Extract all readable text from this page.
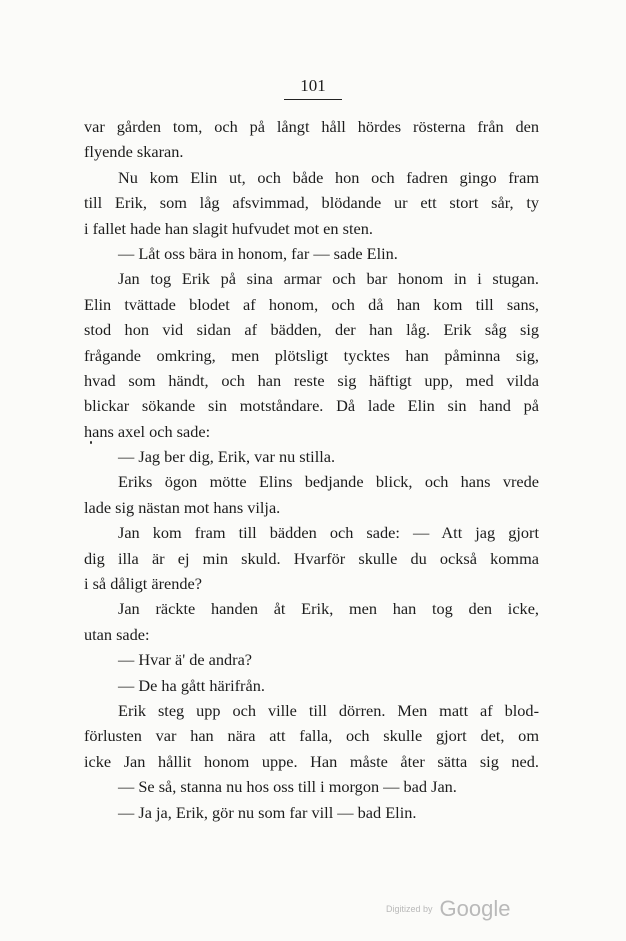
101
var gården tom, och på långt håll hördes rösterna från den
flyende skaran.
Nu kom Elin ut, och både hon och fadren gingo fram
till Erik, som låg afsvimmad, blödande ur ett stort sår, ty
i fallet hade han slagit hufvudet mot en sten.
— Låt oss bära in honom, far — sade Elin.
Jan tog Erik på sina armar och bar honom in i stugan.
Elin tvättade blodet af honom, och då han kom till sans,
stod hon vid sidan af bädden, der han låg. Erik såg sig
frågande omkring, men plötsligt tycktes han påminna sig,
hvad som händt, och han reste sig häftigt upp, med vilda
blickar sökande sin motståndare. Då lade Elin sin hand på
hans axel och sade:
— Jag ber dig, Erik, var nu stilla.
Eriks ögon mötte Elins bedjande blick, och hans vrede
lade sig nästan mot hans vilja.
Jan kom fram till bädden och sade: — Att jag gjort
dig illa är ej min skuld. Hvarför skulle du också komma
i så dåligt ärende?
Jan räckte handen åt Erik, men han tog den icke,
utan sade:
— Hvar ä' de andra?
— De ha gått härifrån.
Erik steg upp och ville till dörren. Men matt af blod-
förlusten var han nära att falla, och skulle gjort det, om
icke Jan hållit honom uppe. Han måste åter sätta sig ned.
— Se så, stanna nu hos oss till i morgon — bad Jan.
— Ja ja, Erik, gör nu som far vill — bad Elin.
Digitized by Google
